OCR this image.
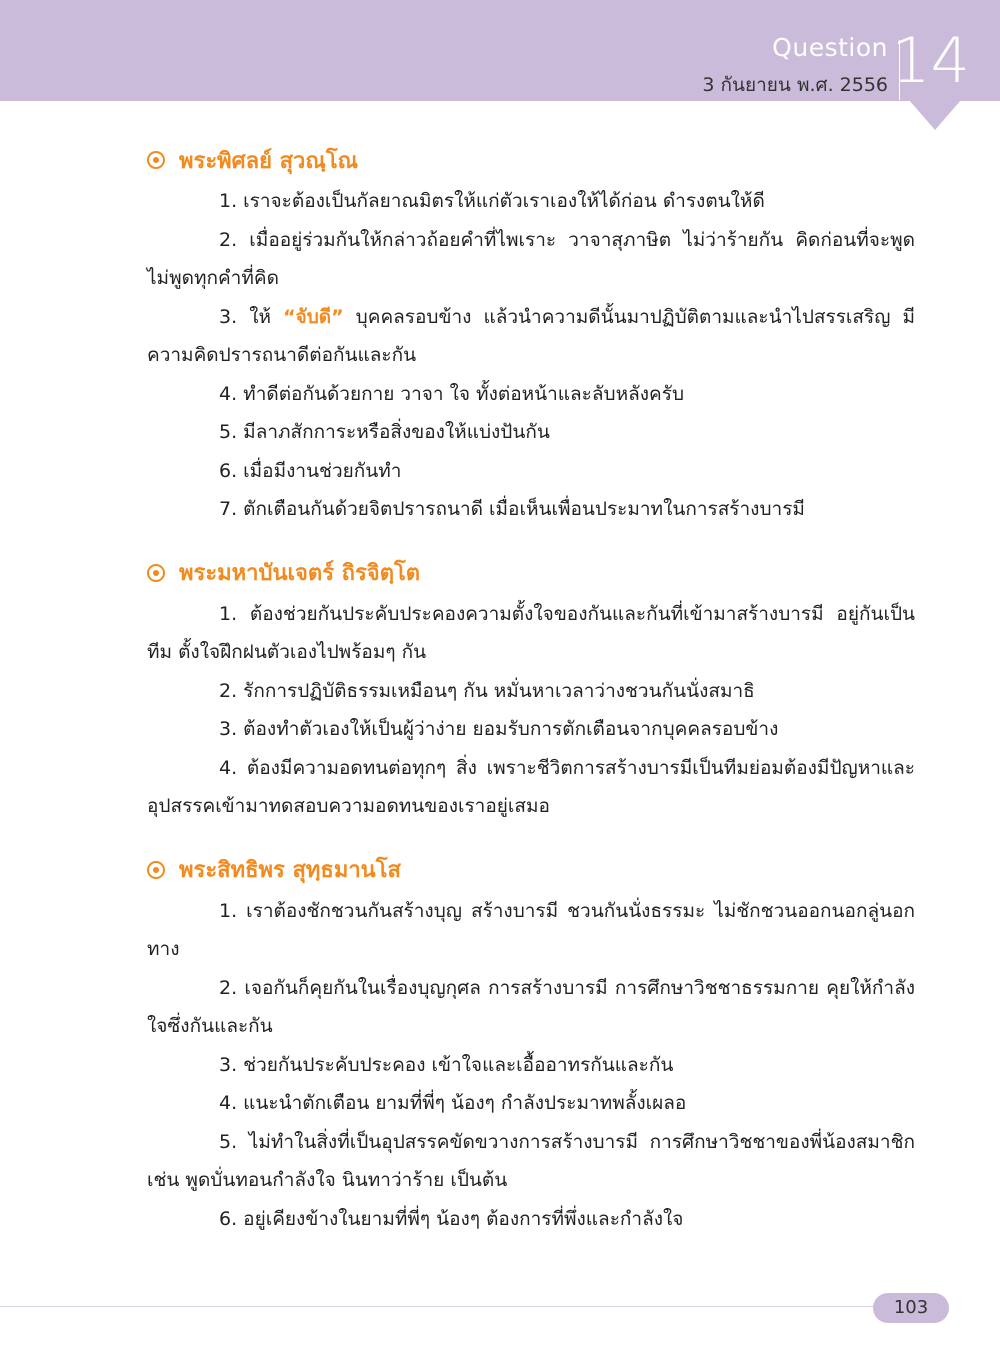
Question
3 กันยายน พ.ศ. 2556 14
พระพิศลย์ สุวณฺโณ
1. เราจะต้องเป็นกัลยาณมิตรให้แก่ตัวเราเองให้ได้ก่อน ดำรงตนให้ดี
2. เมื่ออยู่ร่วมกันให้กล่าวถ้อยคำที่ไพเราะ วาจาสุภาษิต ไม่ว่าร้ายกัน คิดก่อนที่จะพูด ไม่พูดทุกคำที่คิด
3. ให้ “จับดี” บุคคลรอบข้าง แล้วนำความดีนั้นมาปฏิบัติตามและนำไปสรรเสริญ มีความคิดปรารถนาดีต่อกันและกัน
4. ทำดีต่อกันด้วยกาย วาจา ใจ ทั้งต่อหน้าและลับหลังครับ
5. มีลาภสักการะหรือสิ่งของให้แบ่งปันกัน
6. เมื่อมีงานช่วยกันทำ
7. ตักเตือนกันด้วยจิตปรารถนาดี เมื่อเห็นเพื่อนประมาทในการสร้างบารมี
พระมหาบันเจตร์ ถิรจิตฺโต
1. ต้องช่วยกันประคับประคองความตั้งใจของกันและกันที่เข้ามาสร้างบารมี อยู่กันเป็นทีม ตั้งใจฝึกฝนตัวเองไปพร้อมๆ กัน
2. รักการปฏิบัติธรรมเหมือนๆ กัน หมั่นหาเวลาว่างชวนกันนั่งสมาธิ
3. ต้องทำตัวเองให้เป็นผู้ว่าง่าย ยอมรับการตักเตือนจากบุคคลรอบข้าง
4. ต้องมีความอดทนต่อทุกๆ สิ่ง เพราะชีวิตการสร้างบารมีเป็นทีมย่อมต้องมีปัญหาและอุปสรรคเข้ามาทดสอบความอดทนของเราอยู่เสมอ
พระสิทธิพร สุทฺธมานโส
1. เราต้องชักชวนกันสร้างบุญ สร้างบารมี ชวนกันนั่งธรรมะ ไม่ชักชวนออกนอกลู่นอกทาง
2. เจอกันก็คุยกันในเรื่องบุญกุศล การสร้างบารมี การศึกษาวิชชาธรรมกาย คุยให้กำลังใจซึ่งกันและกัน
3. ช่วยกันประคับประคอง เข้าใจและเอื้ออาทรกันและกัน
4. แนะนำตักเตือน ยามที่พี่ๆ น้องๆ กำลังประมาทพลั้งเผลอ
5. ไม่ทำในสิ่งที่เป็นอุปสรรคขัดขวางการสร้างบารมี การศึกษาวิชชาของพี่น้องสมาชิก เช่น พูดบั่นทอนกำลังใจ นินทาว่าร้าย เป็นต้น
6. อยู่เคียงข้างในยามที่พี่ๆ น้องๆ ต้องการที่พึ่งและกำลังใจ
103
